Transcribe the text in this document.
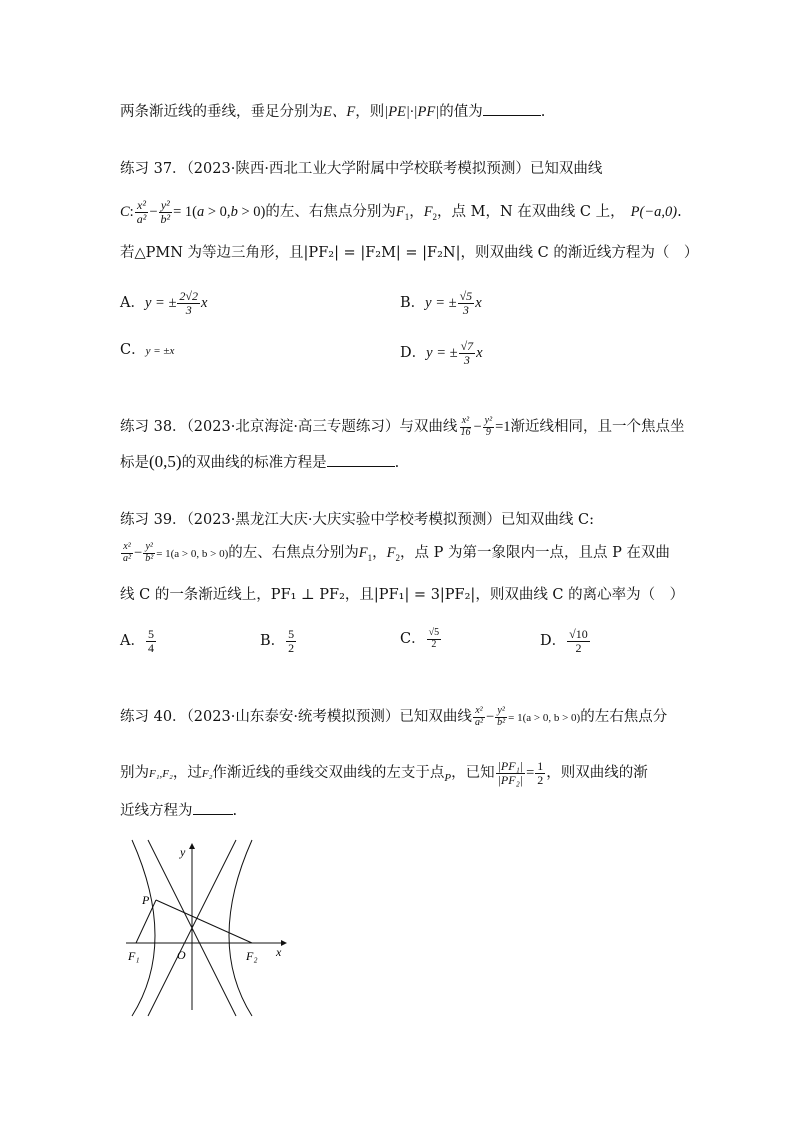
两条渐近线的垂线，垂足分别为E、F，则|PE|·|PF|的值为	.
练习 37．（2023·陕西·西北工业大学附属中学校联考模拟预测）已知双曲线
C: $\frac{\text{x²}}{\text{a²}} - \frac{\text{y²}}{\text{b²}} = 1(a > 0,b > 0)$的左、右焦点分别为$F_1$，$F_2$，点 M，N 在双曲线 C 上， P(−a,0).
若△PMN 为等边三角形，且|PF₂| = |F₂M| = |F₂N|，则双曲线 C 的渐近线方程为（　）
A．y = ± $\frac{2√2}{3}$ x	B．y = ± $\frac{√5}{3}$ x
C．y = ±x	D．y = ± $\frac{√7}{3}$ x
练习 38．（2023·北京海淀·高三专题练习）与双曲线 $\frac{\text{x²}}{16} - \frac{\text{y²}}{9} =1$渐近线相同，且一个焦点坐
标是(0,5)的双曲线的标准方程是	.
练习 39．（2023·黑龙江大庆·大庆实验中学校考模拟预测）已知双曲线 C:
$\frac{\text{x²}}{\text{a²}} - \frac{\text{y²}}{\text{b²}} = 1(a > 0$, b > 0)的左、右焦点分别为$F_1$，$F_2$，点 P 为第一象限内一点，且点 P 在双曲
线 C 的一条渐近线上，PF₁ ⊥ PF₂，且|PF₁| = 3|PF₂|，则双曲线 C 的离心率为（　）
A． $\frac{5}{4}$	B． $\frac{5}{2}$	C． $\frac{√5}{2}$	D． $\frac{√10}{2}$
练习 40．（2023·山东泰安·统考模拟预测）已知双曲线 $\frac{\text{x²}}{\text{a²}} - \frac{\text{y²}}{\text{b²}} = 1(a > 0$, b > 0)的左右焦点分
别为F₁,F₂，过F₂作渐近线的垂线交双曲线的左支于点$_P$，已知 $\frac{\text{|PF₁|}}{\text{|PF₂|}} = \frac{1}{2}$ ，则双曲线的渐
近线方程为	.
y
x
O
P
F₁	F₂
